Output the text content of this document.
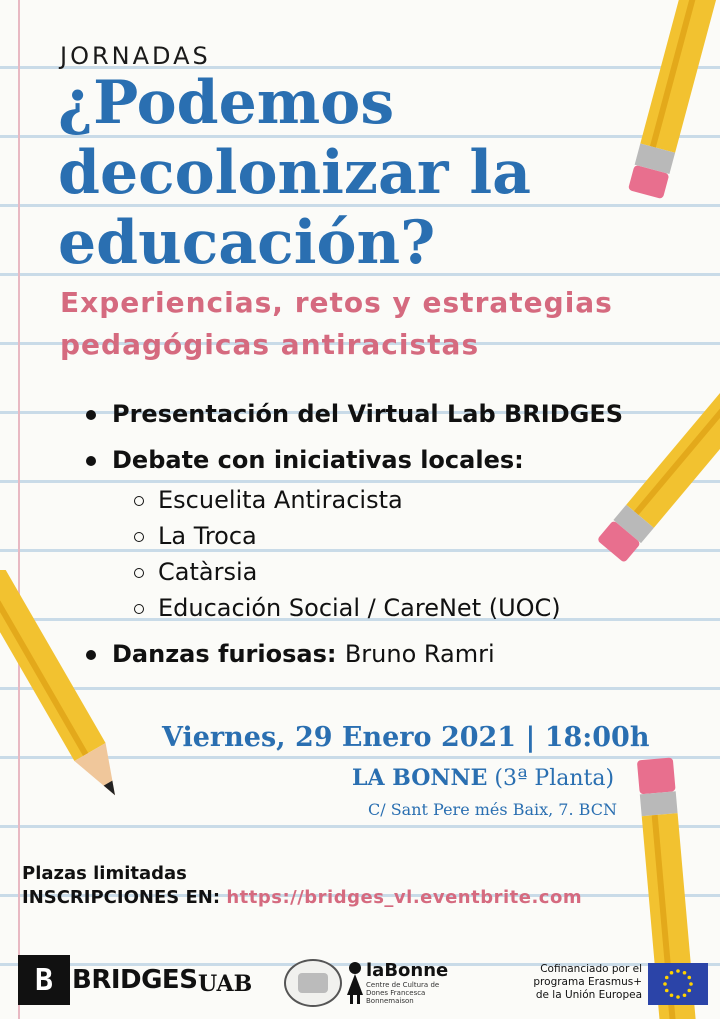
JORNADAS
¿Podemos
decolonizar la
educación?
Experiencias, retos y estrategias
pedagógicas antiracistas
Presentación del Virtual Lab BRIDGES
Debate con iniciativas locales:
Escuelita Antiracista
La Troca
Catàrsia
Educación Social / CareNet (UOC)
Danzas furiosas: Bruno Ramri
Viernes, 29 Enero 2021 | 18:00h
LA BONNE (3ª Planta)
C/ Sant Pere més Baix, 7. BCN
Plazas limitadas
INSCRIPCIONES EN: https://bridges_vl.eventbrite.com
B BRIDGES UAB
laBonne
Centre de Cultura de Dones Francesca Bonnemaison
Cofinanciado por el programa Erasmus+ de la Unión Europea
